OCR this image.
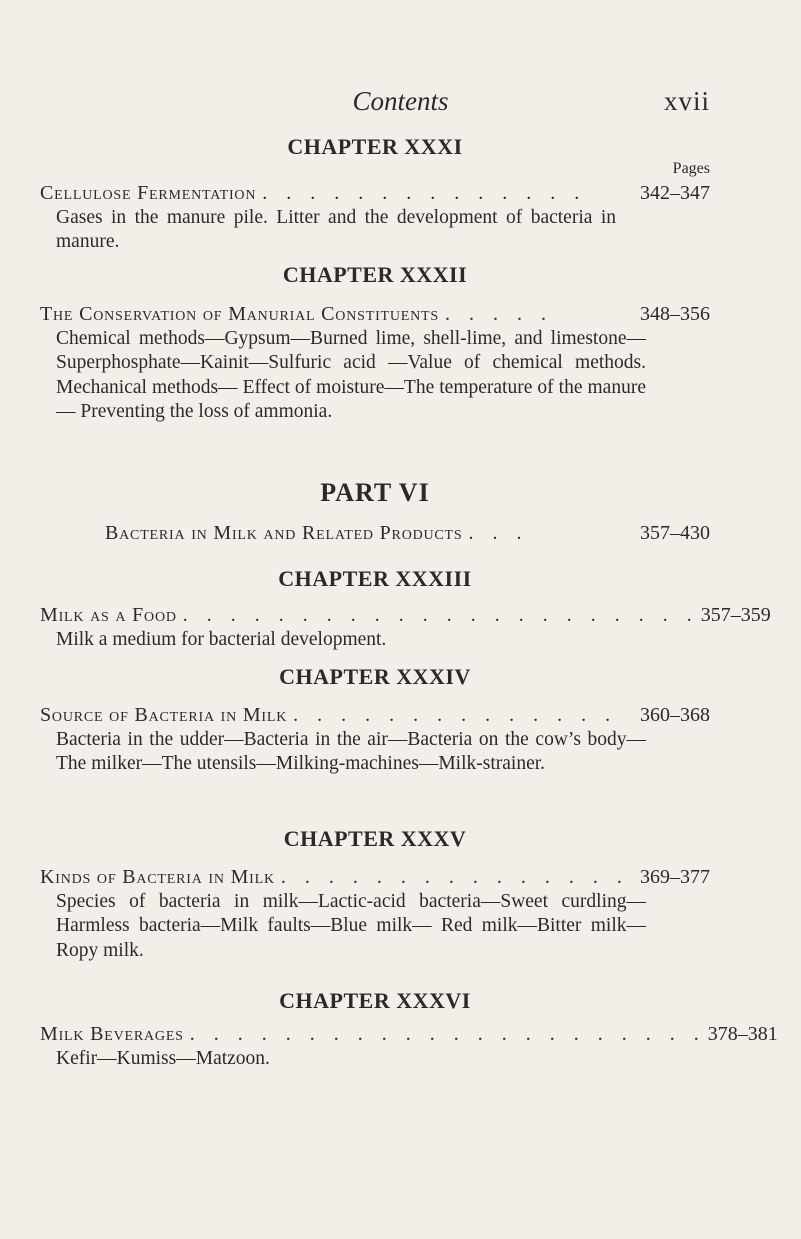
Contents	xvii
CHAPTER XXXI
Pages
Cellulose Fermentation . . . . . . . . . . . . . .	342–347

Gases in the manure pile. Litter and the development of bacteria in manure.

CHAPTER XXXII
The Conservation of Manurial Constituents . . . . .	348–356

Chemical methods—Gypsum—Burned lime, shell-lime, and limestone—Superphosphate—Kainit—Sulfuric acid —Value of chemical methods. Mechanical methods— Effect of moisture—The temperature of the manure— Preventing the loss of ammonia.

PART VI
Bacteria in Milk and Related Products . . .	357–430
CHAPTER XXXIII
Milk as a Food . . . . . . . . . . . . . . . . . . . . . . 357–359

Milk a medium for bacterial development.

CHAPTER XXXIV
Source of Bacteria in Milk . . . . . . . . . . . . . .	360–368

Bacteria in the udder—Bacteria in the air—Bacteria on the cow’s body—The milker—The utensils—Milking-machines—Milk-strainer.

CHAPTER XXXV
Kinds of Bacteria in Milk . . . . . . . . . . . . . . . 369–377

Species of bacteria in milk—Lactic-acid bacteria—Sweet curdling—Harmless bacteria—Milk faults—Blue milk— Red milk—Bitter milk—Ropy milk.

CHAPTER XXXVI
Milk Beverages . . . . . . . . . . . . . . . . . . . . . . 378–381

Kefir—Kumiss—Matzoon.
